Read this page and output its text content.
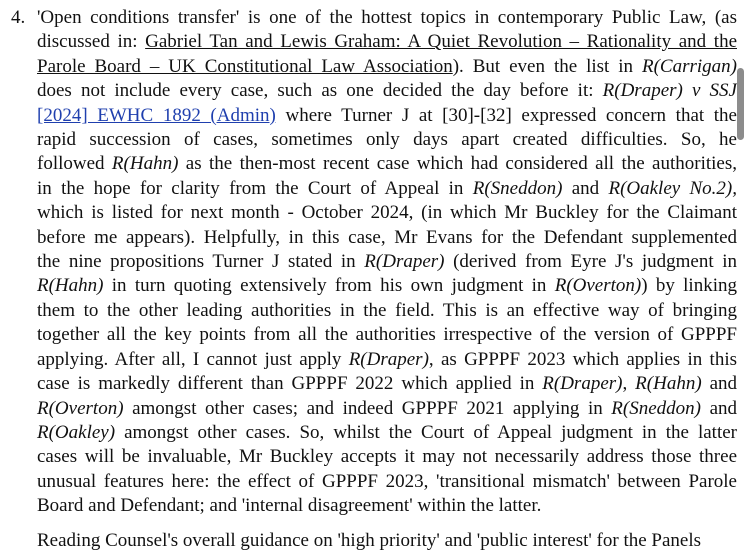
4. 'Open conditions transfer' is one of the hottest topics in contemporary Public Law, (as
discussed in: Gabriel Tan and Lewis Graham: A Quiet Revolution – Rationality and the
Parole Board – UK Constitutional Law Association). But even the list in R(Carrigan)
does not include every case, such as one decided the day before it: R(Draper) v SSJ
[2024] EWHC 1892 (Admin) where Turner J at [30]-[32] expressed concern that the
rapid succession of cases, sometimes only days apart created difficulties. So, he
followed R(Hahn) as the then-most recent case which had considered all the authorities,
in the hope for clarity from the Court of Appeal in R(Sneddon) and R(Oakley No.2),
which is listed for next month - October 2024, (in which Mr Buckley for the Claimant
before me appears). Helpfully, in this case, Mr Evans for the Defendant supplemented
the nine propositions Turner J stated in R(Draper) (derived from Eyre J's judgment in
R(Hahn) in turn quoting extensively from his own judgment in R(Overton)) by linking
them to the other leading authorities in the field. This is an effective way of bringing
together all the key points from all the authorities irrespective of the version of GPPPF
applying. After all, I cannot just apply R(Draper), as GPPPF 2023 which applies in this
case is markedly different than GPPPF 2022 which applied in R(Draper), R(Hahn) and
R(Overton) amongst other cases; and indeed GPPPF 2021 applying in R(Sneddon) and
R(Oakley) amongst other cases. So, whilst the Court of Appeal judgment in the latter
cases will be invaluable, Mr Buckley accepts it may not necessarily address those three
unusual features here: the effect of GPPPF 2023, 'transitional mismatch' between Parole
Board and Defendant; and 'internal disagreement' within the latter.
Reading Counsel's overall guidance on 'high priority' and 'public interest' for the Panels
